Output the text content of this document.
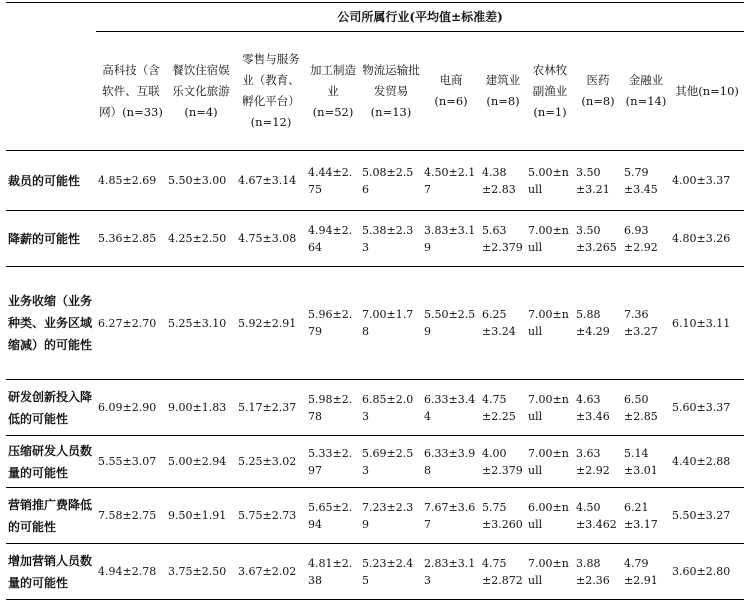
	公司所属行业(平均值±标准差)										
	高科技（含软件、互联网）(n=33)	餐饮住宿娱乐文化旅游(n=4)	零售与服务业（教育、孵化平台）(n=12)	加工制造业(n=52)	物流运输批发贸易(n=13)	电商(n=6)	建筑业(n=8)	农林牧副渔业(n=1)	医药(n=8)	金融业(n=14)	其他(n=10)
裁员的可能性	4.85±2.69	5.50±3.00	4.67±3.14	4.44±2.75	5.08±2.56	4.50±2.17	4.38±2.83	5.00±null	3.50±3.21	5.79±3.45	4.00±3.37

降薪的可能性	5.36±2.85	4.25±2.50	4.75±3.08	4.94±2.64	5.38±2.33	3.83±3.19	5.63±2.379	7.00±null	3.50±3.265	6.93±2.92	4.80±3.26

业务收缩（业务种类、业务区域缩减）的可能性	6.27±2.70	5.25±3.10	5.92±2.91	5.96±2.79	7.00±1.78	5.50±2.59	6.25±3.24	7.00±null	5.88±4.29	7.36±3.27	6.10±3.11

研发创新投入降低的可能性	6.09±2.90	9.00±1.83	5.17±2.37	5.98±2.78	6.85±2.03	6.33±3.44	4.75±2.25	7.00±null	4.63±3.46	6.50±2.85	5.60±3.37

压缩研发人员数量的可能性	5.55±3.07	5.00±2.94	5.25±3.02	5.33±2.97	5.69±2.53	6.33±3.98	4.00±2.379	7.00±null	3.63±2.92	5.14±3.01	4.40±2.88

营销推广费降低的可能性	7.58±2.75	9.50±1.91	5.75±2.73	5.65±2.94	7.23±2.39	7.67±3.67	5.75±3.260	6.00±null	4.50±3.462	6.21±3.17	5.50±3.27

增加营销人员数量的可能性	4.94±2.78	3.75±2.50	3.67±2.02	4.81±2.38	5.23±2.45	2.83±3.13	4.75±2.872	7.00±null	3.88±2.36	4.79±2.91	3.60±2.80
